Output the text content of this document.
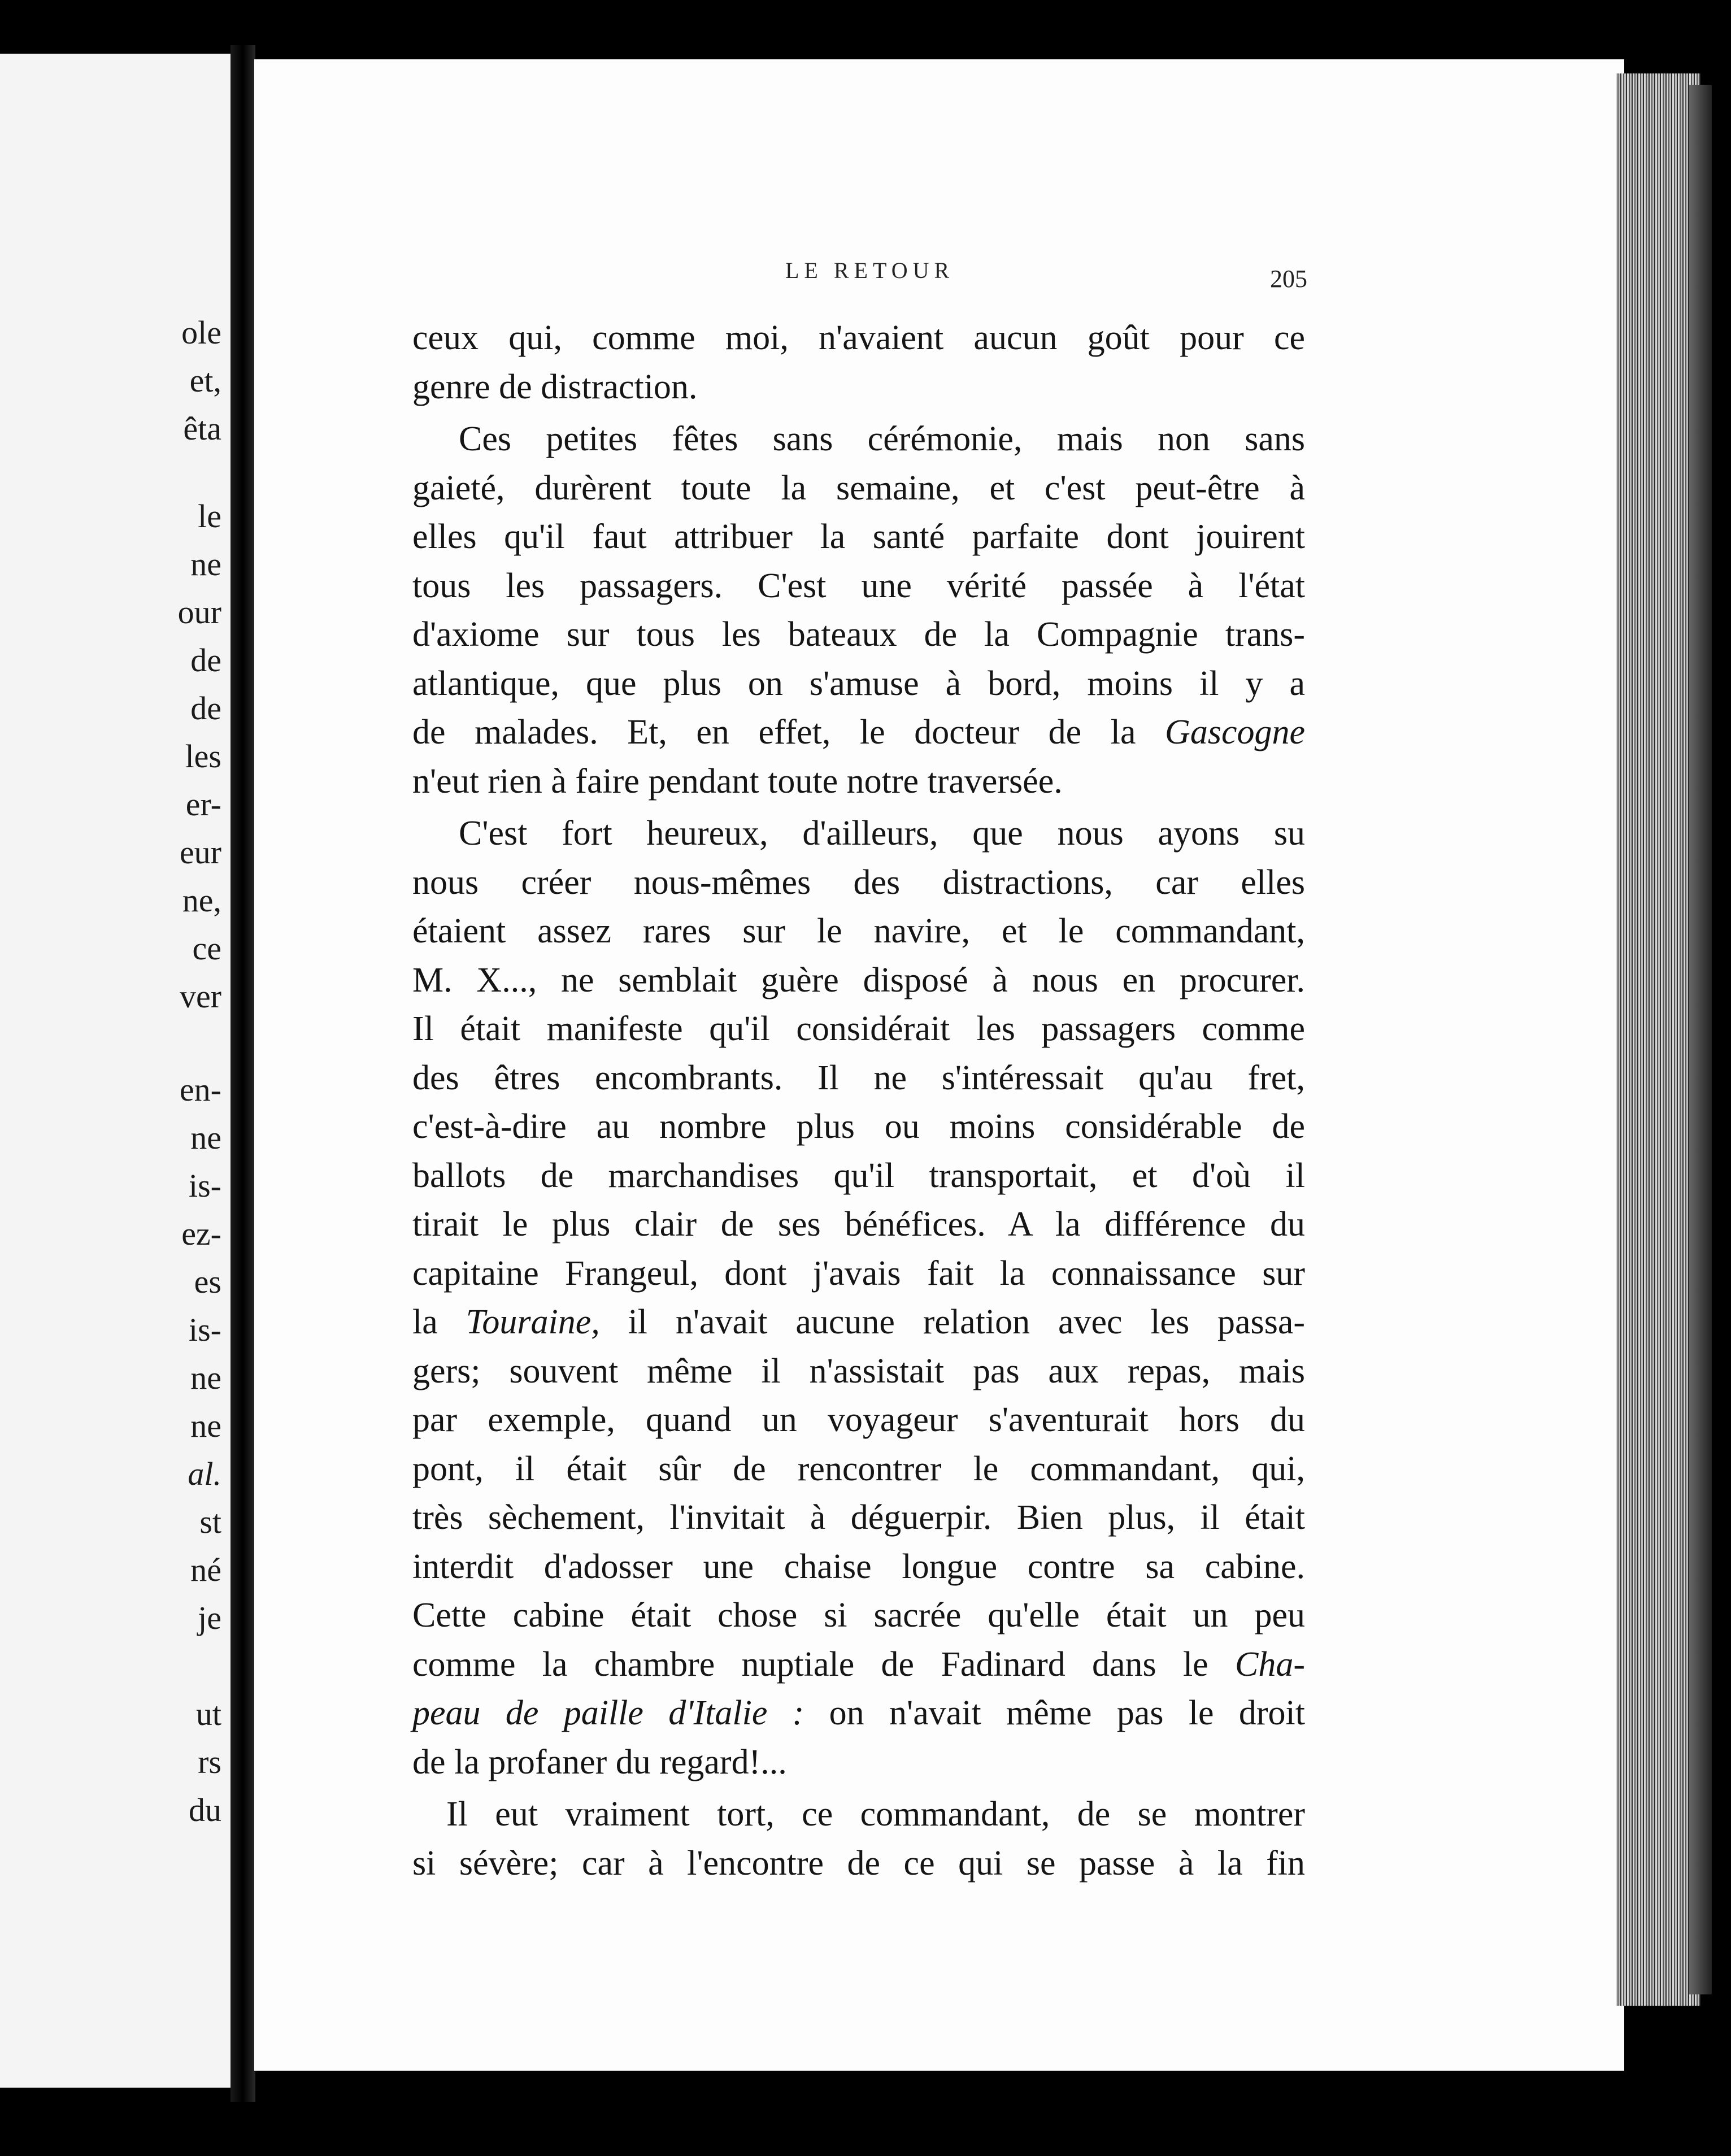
ole
et,
êta
le
ne
our
de
de
les
er-
eur
ne,
ce
ver
en-
ne
is-
ez-
es
is-
ne
ne
al.
st
né
je
ut
rs
du
LE RETOUR	205
ceux qui, comme moi, n'avaient aucun goût pour ce
genre de distraction.
Ces petites fêtes sans cérémonie, mais non sans
gaieté, durèrent toute la semaine, et c'est peut-être à
elles qu'il faut attribuer la santé parfaite dont jouirent
tous les passagers. C'est une vérité passée à l'état
d'axiome sur tous les bateaux de la Compagnie trans-
atlantique, que plus on s'amuse à bord, moins il y a
de malades. Et, en effet, le docteur de la Gascogne
n'eut rien à faire pendant toute notre traversée.
C'est fort heureux, d'ailleurs, que nous ayons su
nous créer nous-mêmes des distractions, car elles
étaient assez rares sur le navire, et le commandant,
M. X..., ne semblait guère disposé à nous en procurer.
Il était manifeste qu'il considérait les passagers comme
des êtres encombrants. Il ne s'intéressait qu'au fret,
c'est-à-dire au nombre plus ou moins considérable de
ballots de marchandises qu'il transportait, et d'où il
tirait le plus clair de ses bénéfices. A la différence du
capitaine Frangeul, dont j'avais fait la connaissance sur
la Touraine, il n'avait aucune relation avec les passa-
gers; souvent même il n'assistait pas aux repas, mais
par exemple, quand un voyageur s'aventurait hors du
pont, il était sûr de rencontrer le commandant, qui,
très sèchement, l'invitait à déguerpir. Bien plus, il était
interdit d'adosser une chaise longue contre sa cabine.
Cette cabine était chose si sacrée qu'elle était un peu
comme la chambre nuptiale de Fadinard dans le Cha-
peau de paille d'Italie : on n'avait même pas le droit
de la profaner du regard!...
Il eut vraiment tort, ce commandant, de se montrer
si sévère; car à l'encontre de ce qui se passe à la fin
